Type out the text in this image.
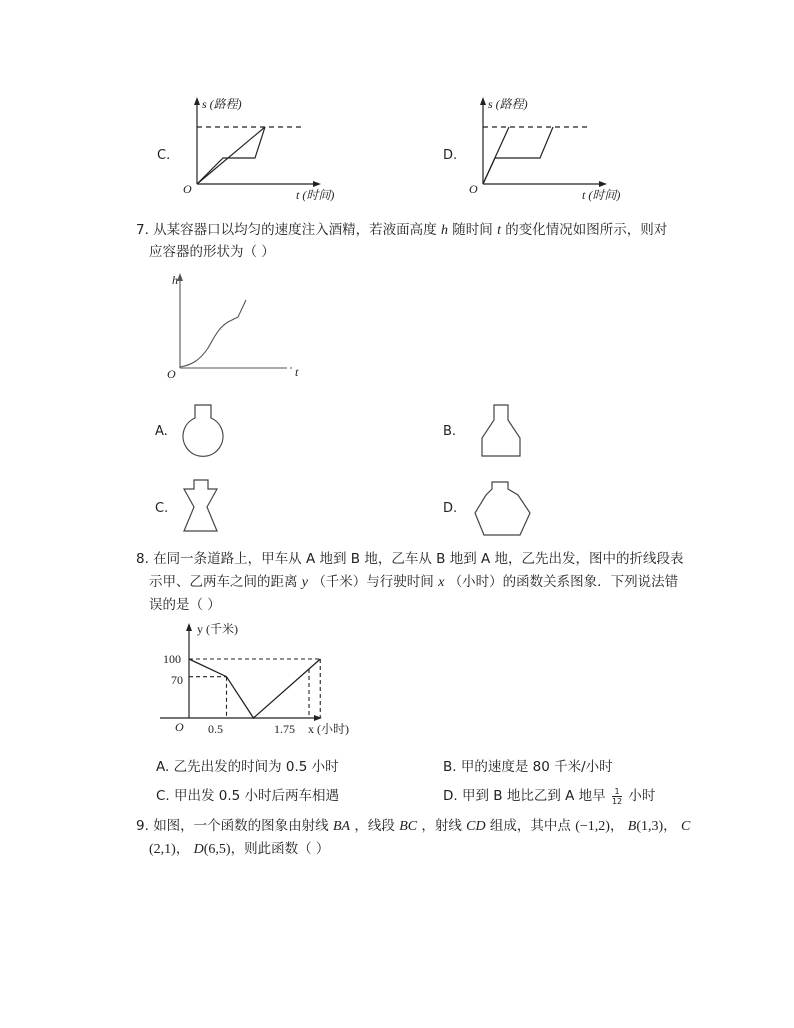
C.
s (路程)
O	t (时间)
D.
s (路程)
O	t (时间)
7. 从某容器口以均匀的速度注入酒精，若液面高度 h 随时间 t 的变化情况如图所示，则对
应容器的形状为（ ）
h
O	t
A.	B.
C.	D.
8. 在同一条道路上，甲车从 A 地到 B 地，乙车从 B 地到 A 地，乙先出发，图中的折线段表
示甲、乙两车之间的距离 y （千米）与行驶时间 x （小时）的函数关系图象．下列说法错
误的是（ ）
y (千米)
100
70
O 0.5	1.75 x (小时)
A. 乙先出发的时间为 0.5 小时	B. 甲的速度是 80 千米/小时
C. 甲出发 0.5 小时后两车相遇	D. 甲到 B 地比乙到 A 地早 $\frac{1}{12}$ 小时
9. 如图，一个函数的图象由射线 BA ，线段 BC ，射线 CD 组成，其中点 (−1,2)， B(1,3)， C
(2,1)， D(6,5)，则此函数（ ）
